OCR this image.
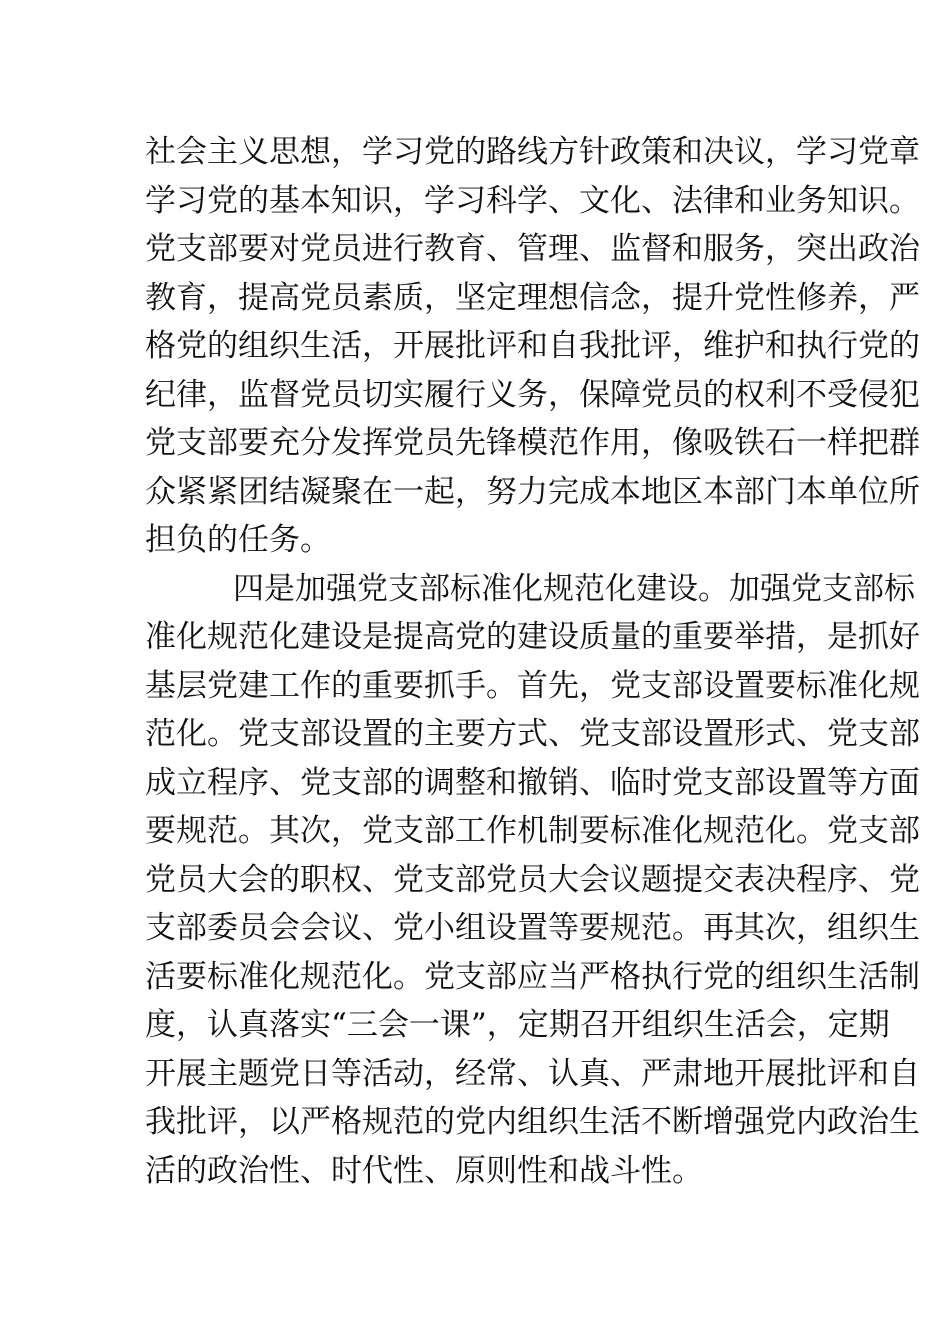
社会主义思想，学习党的路线方针政策和决议，学习党章
学习党的基本知识，学习科学、文化、法律和业务知识。
党支部要对党员进行教育、管理、监督和服务，突出政治
教育，提高党员素质，坚定理想信念，提升党性修养，严
格党的组织生活，开展批评和自我批评，维护和执行党的
纪律，监督党员切实履行义务，保障党员的权利不受侵犯
党支部要充分发挥党员先锋模范作用，像吸铁石一样把群
众紧紧团结凝聚在一起，努力完成本地区本部门本单位所
担负的任务。
四是加强党支部标准化规范化建设。加强党支部标
准化规范化建设是提高党的建设质量的重要举措，是抓好
基层党建工作的重要抓手。首先，党支部设置要标准化规
范化。党支部设置的主要方式、党支部设置形式、党支部
成立程序、党支部的调整和撤销、临时党支部设置等方面
要规范。其次，党支部工作机制要标准化规范化。党支部
党员大会的职权、党支部党员大会议题提交表决程序、党
支部委员会会议、党小组设置等要规范。再其次，组织生
活要标准化规范化。党支部应当严格执行党的组织生活制
度，认真落实“三会一课”，定期召开组织生活会，定期
开展主题党日等活动，经常、认真、严肃地开展批评和自
我批评，以严格规范的党内组织生活不断增强党内政治生
活的政治性、时代性、原则性和战斗性。
